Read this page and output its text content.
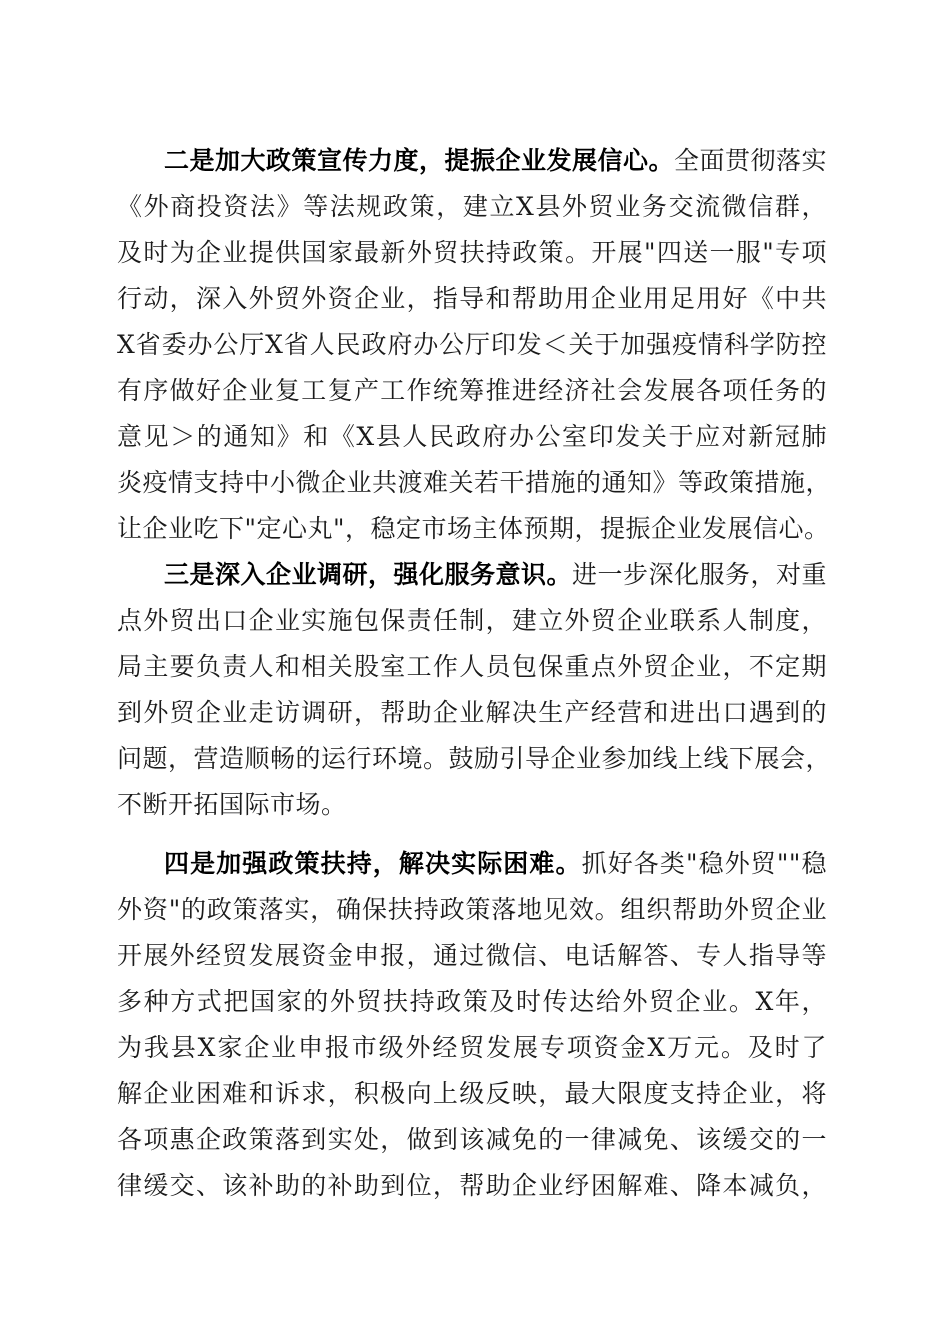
二是加大政策宣传力度，提振企业发展信心。全面贯彻落实
《外商投资法》等法规政策，建立X县外贸业务交流微信群，
及时为企业提供国家最新外贸扶持政策。开展"四送一服"专项
行动，深入外贸外资企业，指导和帮助用企业用足用好《中共
X省委办公厅X省人民政府办公厅印发＜关于加强疫情科学防控
有序做好企业复工复产工作统筹推进经济社会发展各项任务的
意见＞的通知》和《X县人民政府办公室印发关于应对新冠肺
炎疫情支持中小微企业共渡难关若干措施的通知》等政策措施，
让企业吃下"定心丸"，稳定市场主体预期，提振企业发展信心。
三是深入企业调研，强化服务意识。进一步深化服务，对重
点外贸出口企业实施包保责任制，建立外贸企业联系人制度，
局主要负责人和相关股室工作人员包保重点外贸企业，不定期
到外贸企业走访调研，帮助企业解决生产经营和进出口遇到的
问题，营造顺畅的运行环境。鼓励引导企业参加线上线下展会，
不断开拓国际市场。
四是加强政策扶持，解决实际困难。抓好各类"稳外贸""稳
外资"的政策落实，确保扶持政策落地见效。组织帮助外贸企业
开展外经贸发展资金申报，通过微信、电话解答、专人指导等
多种方式把国家的外贸扶持政策及时传达给外贸企业。X年，
为我县X家企业申报市级外经贸发展专项资金X万元。及时了
解企业困难和诉求，积极向上级反映，最大限度支持企业，将
各项惠企政策落到实处，做到该减免的一律减免、该缓交的一
律缓交、该补助的补助到位，帮助企业纾困解难、降本减负，
